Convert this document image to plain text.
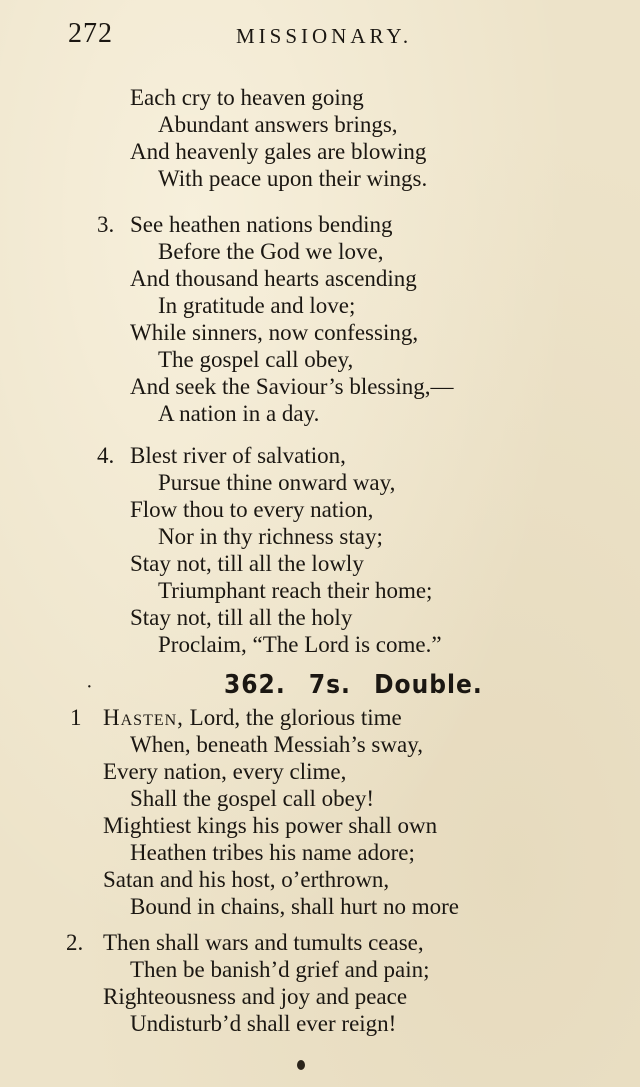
272	MISSIONARY.
Each cry to heaven going
Abundant answers brings,
And heavenly gales are blowing
With peace upon their wings.
3. See heathen nations bending
Before the God we love,
And thousand hearts ascending
In gratitude and love;
While sinners, now confessing,
The gospel call obey,
And seek the Saviour’s blessing,—
A nation in a day.
4. Blest river of salvation,
Pursue thine onward way,
Flow thou to every nation,
Nor in thy richness stay;
Stay not, till all the lowly
Triumphant reach their home;
Stay not, till all the holy
Proclaim, “The Lord is come.”
·	362. 7s. Double.
1 Hasten, Lord, the glorious time
When, beneath Messiah’s sway,
Every nation, every clime,
Shall the gospel call obey!
Mightiest kings his power shall own
Heathen tribes his name adore;
Satan and his host, o’erthrown,
Bound in chains, shall hurt no more
2. Then shall wars and tumults cease,
Then be banish’d grief and pain;
Righteousness and joy and peace
Undisturb’d shall ever reign!
